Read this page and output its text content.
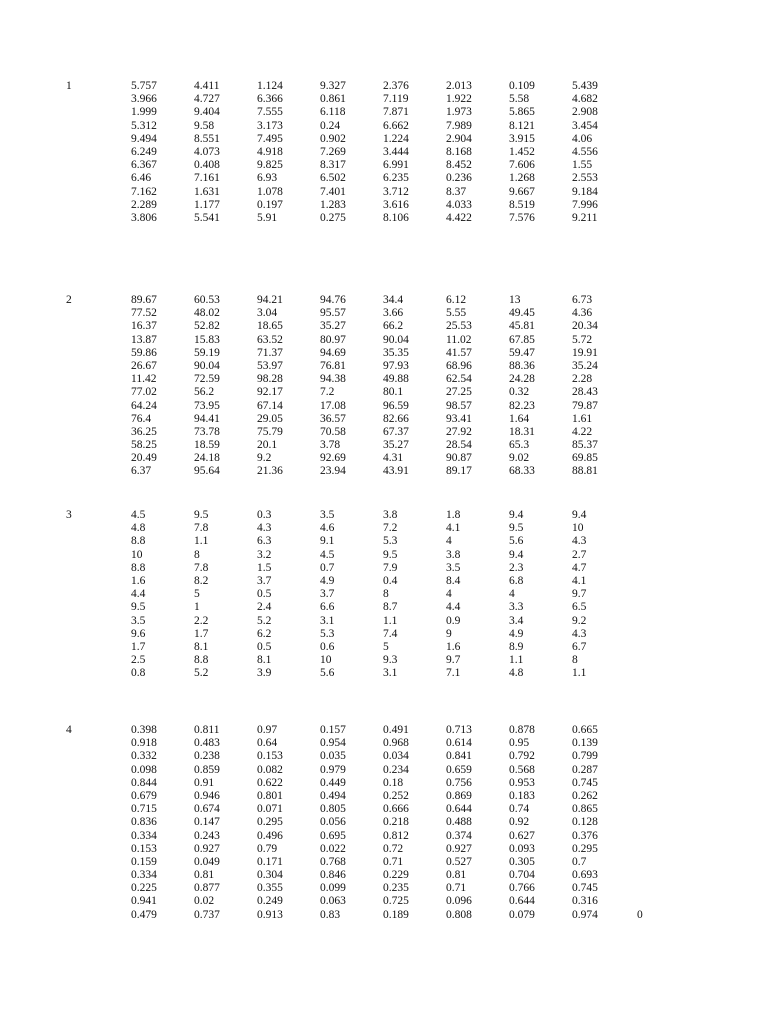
1	5.757	4.411	1.124	9.327	2.376	2.013	0.109	5.439
3.966	4.727	6.366	0.861	7.119	1.922	5.58	4.682
1.999	9.404	7.555	6.118	7.871	1.973	5.865	2.908
5.312	9.58	3.173	0.24	6.662	7.989	8.121	3.454
9.494	8.551	7.495	0.902	1.224	2.904	3.915	4.06
6.249	4.073	4.918	7.269	3.444	8.168	1.452	4.556
6.367	0.408	9.825	8.317	6.991	8.452	7.606	1.55
6.46	7.161	6.93	6.502	6.235	0.236	1.268	2.553
7.162	1.631	1.078	7.401	3.712	8.37	9.667	9.184
2.289	1.177	0.197	1.283	3.616	4.033	8.519	7.996
3.806	5.541	5.91	0.275	8.106	4.422	7.576	9.211
2	89.67	60.53	94.21	94.76	34.4	6.12	13	6.73
77.52	48.02	3.04	95.57	3.66	5.55	49.45	4.36
16.37	52.82	18.65	35.27	66.2	25.53	45.81	20.34
13.87	15.83	63.52	80.97	90.04	11.02	67.85	5.72
59.86	59.19	71.37	94.69	35.35	41.57	59.47	19.91
26.67	90.04	53.97	76.81	97.93	68.96	88.36	35.24
11.42	72.59	98.28	94.38	49.88	62.54	24.28	2.28
77.02	56.2	92.17	7.2	80.1	27.25	0.32	28.43
64.24	73.95	67.14	17.08	96.59	98.57	82.23	79.87
76.4	94.41	29.05	36.57	82.66	93.41	1.64	1.61
36.25	73.78	75.79	70.58	67.37	27.92	18.31	4.22
58.25	18.59	20.1	3.78	35.27	28.54	65.3	85.37
20.49	24.18	9.2	92.69	4.31	90.87	9.02	69.85
6.37	95.64	21.36	23.94	43.91	89.17	68.33	88.81
3	4.5	9.5	0.3	3.5	3.8	1.8	9.4	9.4
4.8	7.8	4.3	4.6	7.2	4.1	9.5	10
8.8	1.1	6.3	9.1	5.3	4	5.6	4.3
10	8	3.2	4.5	9.5	3.8	9.4	2.7
8.8	7.8	1.5	0.7	7.9	3.5	2.3	4.7
1.6	8.2	3.7	4.9	0.4	8.4	6.8	4.1
4.4	5	0.5	3.7	8	4	4	9.7
9.5	1	2.4	6.6	8.7	4.4	3.3	6.5
3.5	2.2	5.2	3.1	1.1	0.9	3.4	9.2
9.6	1.7	6.2	5.3	7.4	9	4.9	4.3
1.7	8.1	0.5	0.6	5	1.6	8.9	6.7
2.5	8.8	8.1	10	9.3	9.7	1.1	8
0.8	5.2	3.9	5.6	3.1	7.1	4.8	1.1
4	0.398	0.811	0.97	0.157	0.491	0.713	0.878	0.665
0.918	0.483	0.64	0.954	0.968	0.614	0.95	0.139
0.332	0.238	0.153	0.035	0.034	0.841	0.792	0.799
0.098	0.859	0.082	0.979	0.234	0.659	0.568	0.287
0.844	0.91	0.622	0.449	0.18	0.756	0.953	0.745
0.679	0.946	0.801	0.494	0.252	0.869	0.183	0.262
0.715	0.674	0.071	0.805	0.666	0.644	0.74	0.865
0.836	0.147	0.295	0.056	0.218	0.488	0.92	0.128
0.334	0.243	0.496	0.695	0.812	0.374	0.627	0.376
0.153	0.927	0.79	0.022	0.72	0.927	0.093	0.295
0.159	0.049	0.171	0.768	0.71	0.527	0.305	0.7
0.334	0.81	0.304	0.846	0.229	0.81	0.704	0.693
0.225	0.877	0.355	0.099	0.235	0.71	0.766	0.745
0.941	0.02	0.249	0.063	0.725	0.096	0.644	0.316
0.479	0.737	0.913	0.83	0.189	0.808	0.079	0.974	0
